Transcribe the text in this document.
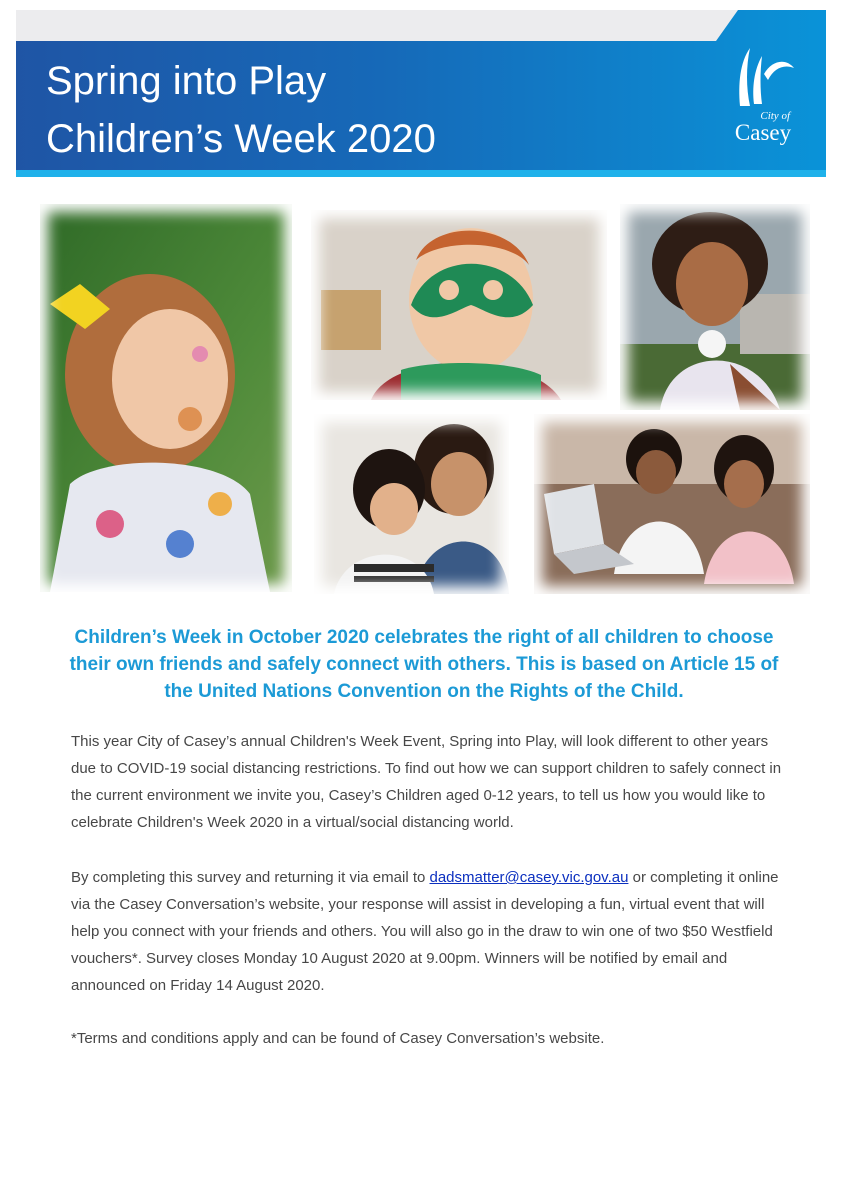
Spring into Play
Children’s Week 2020
City of
Casey

Children’s Week in October 2020 celebrates the right of all children to choose their own friends and safely connect with others. This is based on Article 15 of the United Nations Convention on the Rights of the Child.

This year City of Casey’s annual Children's Week Event, Spring into Play, will look different to other years due to COVID-19 social distancing restrictions. To find out how we can support children to safely connect in the current environment we invite you, Casey’s Children aged 0-12 years, to tell us how you would like to celebrate Children's Week 2020 in a virtual/social distancing world.

By completing this survey and returning it via email to dadsmatter@casey.vic.gov.au or completing it online via the Casey Conversation’s website, your response will assist in developing a fun, virtual event that will help you connect with your friends and others. You will also go in the draw to win one of two $50 Westfield vouchers*. Survey closes Monday 10 August 2020 at 9.00pm. Winners will be notified by email and announced on Friday 14 August 2020.

*Terms and conditions apply and can be found of Casey Conversation’s website.
